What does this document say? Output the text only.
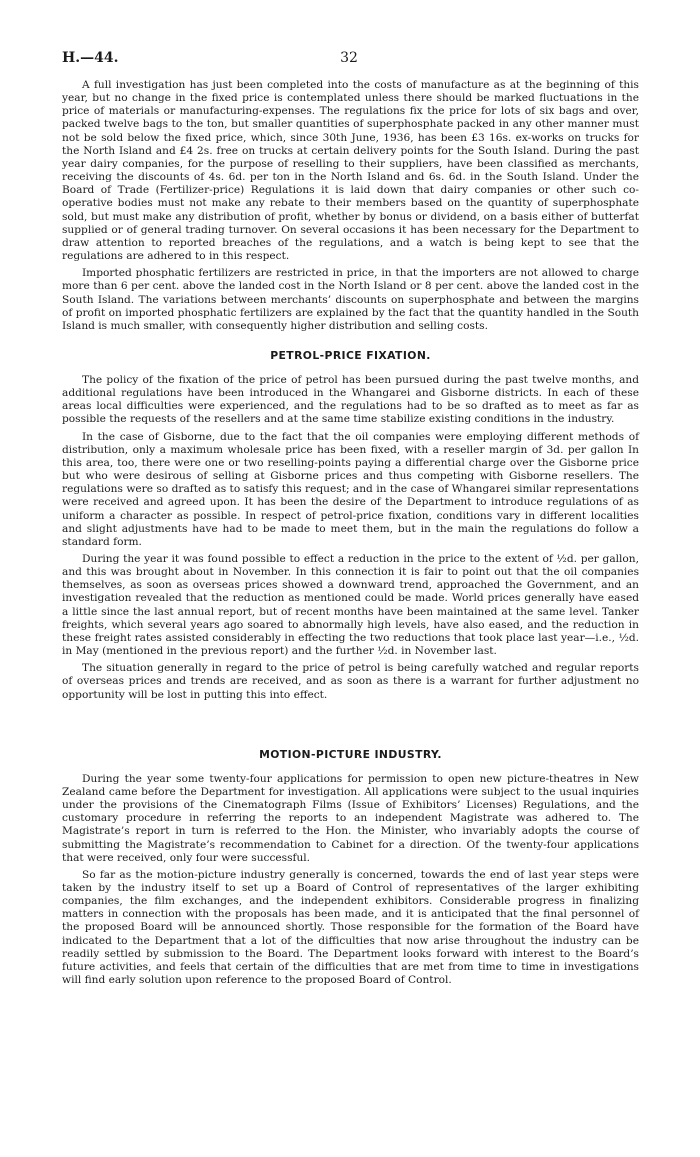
H.—44.	32

A full investigation has just been completed into the costs of manufacture as at the beginning of this year, but no change in the fixed price is contemplated unless there should be marked fluctuations in the price of materials or manufacturing-expenses. The regulations fix the price for lots of six bags and over, packed twelve bags to the ton, but smaller quantities of superphosphate packed in any other manner must not be sold below the fixed price, which, since 30th June, 1936, has been £3 16s. ex-works on trucks for the North Island and £4 2s. free on trucks at certain delivery points for the South Island. During the past year dairy companies, for the purpose of reselling to their suppliers, have been classified as merchants, receiving the discounts of 4s. 6d. per ton in the North Island and 6s. 6d. in the South Island. Under the Board of Trade (Fertilizer-price) Regulations it is laid down that dairy companies or other such co-operative bodies must not make any rebate to their members based on the quantity of superphosphate sold, but must make any distribution of profit, whether by bonus or dividend, on a basis either of butterfat supplied or of general trading turnover. On several occasions it has been necessary for the Department to draw attention to reported breaches of the regulations, and a watch is being kept to see that the regulations are adhered to in this respect.

Imported phosphatic fertilizers are restricted in price, in that the importers are not allowed to charge more than 6 per cent. above the landed cost in the North Island or 8 per cent. above the landed cost in the South Island. The variations between merchants’ discounts on superphosphate and between the margins of profit on imported phosphatic fertilizers are explained by the fact that the quantity handled in the South Island is much smaller, with consequently higher distribution and selling costs.

PETROL-PRICE FIXATION.

The policy of the fixation of the price of petrol has been pursued during the past twelve months, and additional regulations have been introduced in the Whangarei and Gisborne districts. In each of these areas local difficulties were experienced, and the regulations had to be so drafted as to meet as far as possible the requests of the resellers and at the same time stabilize existing conditions in the industry.

In the case of Gisborne, due to the fact that the oil companies were employing different methods of distribution, only a maximum wholesale price has been fixed, with a reseller margin of 3d. per gallon In this area, too, there were one or two reselling-points paying a differential charge over the Gisborne price but who were desirous of selling at Gisborne prices and thus competing with Gisborne resellers. The regulations were so drafted as to satisfy this request; and in the case of Whangarei similar representations were received and agreed upon. It has been the desire of the Department to introduce regulations of as uniform a character as possible. In respect of petrol-price fixation, conditions vary in different localities and slight adjustments have had to be made to meet them, but in the main the regulations do follow a standard form.

During the year it was found possible to effect a reduction in the price to the extent of ½d. per gallon, and this was brought about in November. In this connection it is fair to point out that the oil companies themselves, as soon as overseas prices showed a downward trend, approached the Government, and an investigation revealed that the reduction as mentioned could be made. World prices generally have eased a little since the last annual report, but of recent months have been maintained at the same level. Tanker freights, which several years ago soared to abnormally high levels, have also eased, and the reduction in these freight rates assisted considerably in effecting the two reductions that took place last year—i.e., ½d. in May (mentioned in the previous report) and the further ½d. in November last.

The situation generally in regard to the price of petrol is being carefully watched and regular reports of overseas prices and trends are received, and as soon as there is a warrant for further adjustment no opportunity will be lost in putting this into effect.

MOTION-PICTURE INDUSTRY.

During the year some twenty-four applications for permission to open new picture-theatres in New Zealand came before the Department for investigation. All applications were subject to the usual inquiries under the provisions of the Cinematograph Films (Issue of Exhibitors’ Licenses) Regulations, and the customary procedure in referring the reports to an independent Magistrate was adhered to. The Magistrate’s report in turn is referred to the Hon. the Minister, who invariably adopts the course of submitting the Magistrate’s recommendation to Cabinet for a direction. Of the twenty-four applications that were received, only four were successful.

So far as the motion-picture industry generally is concerned, towards the end of last year steps were taken by the industry itself to set up a Board of Control of representatives of the larger exhibiting companies, the film exchanges, and the independent exhibitors. Considerable progress in finalizing matters in connection with the proposals has been made, and it is anticipated that the final personnel of the proposed Board will be announced shortly. Those responsible for the formation of the Board have indicated to the Department that a lot of the difficulties that now arise throughout the industry can be readily settled by submission to the Board. The Department looks forward with interest to the Board’s future activities, and feels that certain of the difficulties that are met from time to time in investigations will find early solution upon reference to the proposed Board of Control.
